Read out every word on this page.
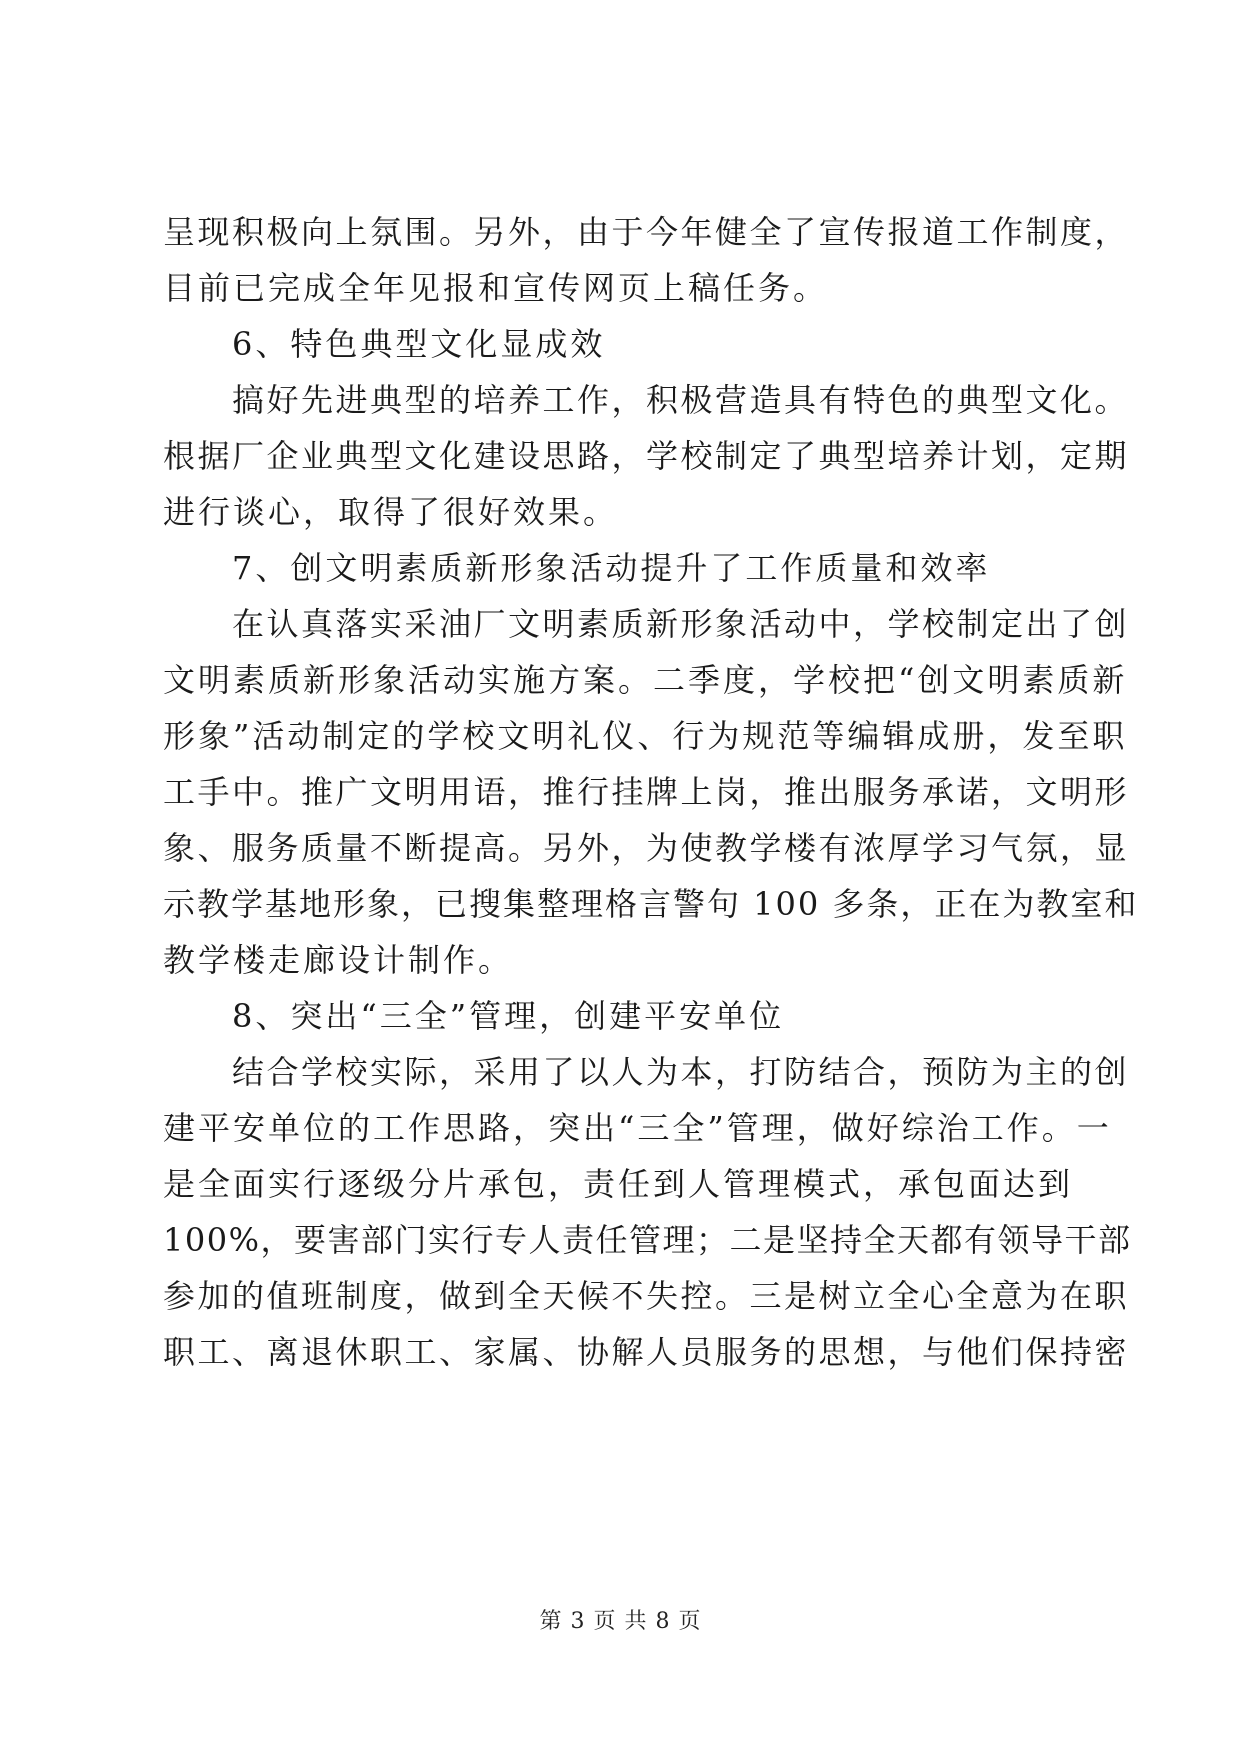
呈现积极向上氛围。另外，由于今年健全了宣传报道工作制度，
目前已完成全年见报和宣传网页上稿任务。
6、特色典型文化显成效
搞好先进典型的培养工作，积极营造具有特色的典型文化。
根据厂企业典型文化建设思路，学校制定了典型培养计划，定期
进行谈心，取得了很好效果。
7、创文明素质新形象活动提升了工作质量和效率
在认真落实采油厂文明素质新形象活动中，学校制定出了创
文明素质新形象活动实施方案。二季度，学校把“创文明素质新
形象”活动制定的学校文明礼仪、行为规范等编辑成册，发至职
工手中。推广文明用语，推行挂牌上岗，推出服务承诺，文明形
象、服务质量不断提高。另外，为使教学楼有浓厚学习气氛，显
示教学基地形象，已搜集整理格言警句 100 多条，正在为教室和
教学楼走廊设计制作。
8、突出“三全”管理，创建平安单位
结合学校实际，采用了以人为本，打防结合，预防为主的创
建平安单位的工作思路，突出“三全”管理，做好综治工作。一
是全面实行逐级分片承包，责任到人管理模式，承包面达到
100%，要害部门实行专人责任管理；二是坚持全天都有领导干部
参加的值班制度，做到全天候不失控。三是树立全心全意为在职
职工、离退休职工、家属、协解人员服务的思想，与他们保持密
第 3 页 共 8 页
